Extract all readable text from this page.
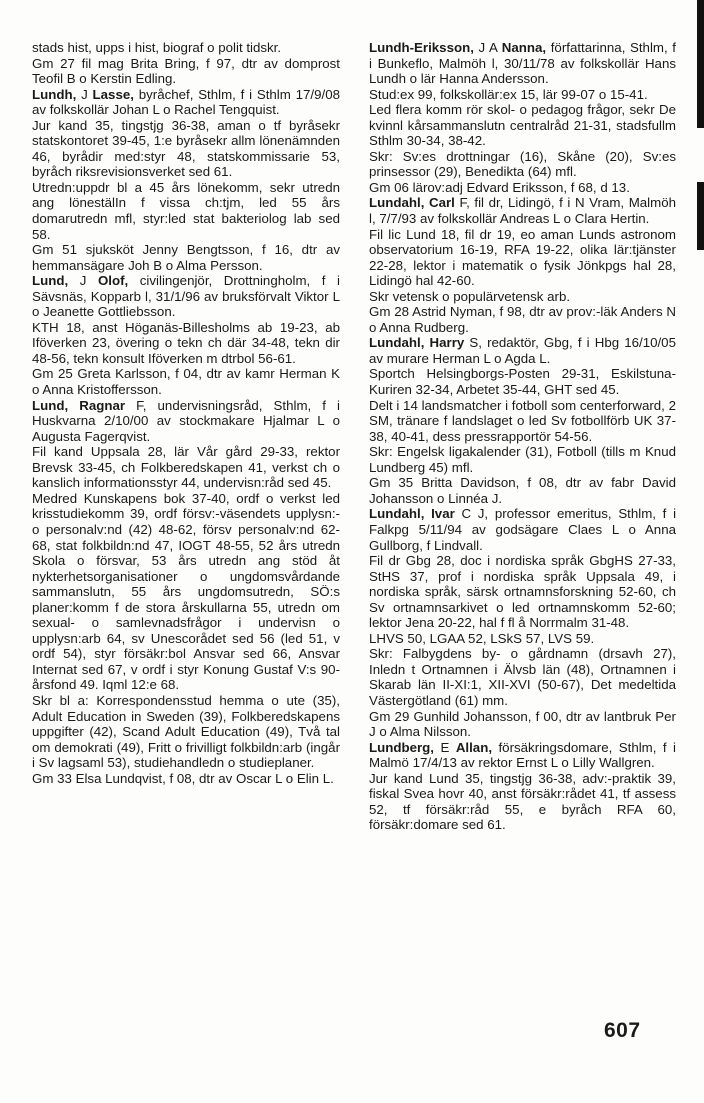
stads hist, upps i hist, biograf o polit tidskr.

Gm 27 fil mag Brita Bring, f 97, dtr av domprost Teofil B o Kerstin Edling.

Lundh, J Lasse, byråchef, Sthlm, f i Sthlm 17/9/08 av folkskollär Johan L o Rachel Tengquist.

Jur kand 35, tingstjg 36-38, aman o tf byråsekr statskontoret 39-45, 1:e byråsekr allm lönenämnden 46, byrådir med:styr 48, statskommissarie 53, byråch riksrevisionsverket sed 61.

Utredn:uppdr bl a 45 års lönekomm, sekr utredn ang lönestälIn f vissa ch:tjm, led 55 års domarutredn mfl, styr:led stat bakteriolog lab sed 58.

Gm 51 sjuksköt Jenny Bengtsson, f 16, dtr av hemmansägare Joh B o Alma Persson.

Lund, J Olof, civilingenjör, Drottningholm, f i Sävsnäs, Kopparb l, 31/1/96 av bruksförvalt Viktor L o Jeanette Gottliebsson.

KTH 18, anst Höganäs-Billesholms ab 19-23, ab Iföverken 23, övering o tekn ch där 34-48, tekn dir 48-56, tekn konsult Iföverken m dtrbol 56-61.

Gm 25 Greta Karlsson, f 04, dtr av kamr Herman K o Anna Kristoffersson.

Lund, Ragnar F, undervisningsråd, Sthlm, f i Huskvarna 2/10/00 av stockmakare Hjalmar L o Augusta Fagerqvist.

Fil kand Uppsala 28, lär Vår gård 29-33, rektor Brevsk 33-45, ch Folkberedskapen 41, verkst ch o kanslich informationsstyr 44, undervisn:råd sed 45.

Medred Kunskapens bok 37-40, ordf o verkst led krisstudiekomm 39, ordf försv:-väsendets upplysn:- o personalv:nd (42) 48-62, försv personalv:nd 62-68, stat folkbildn:nd 47, IOGT 48-55, 52 års utredn Skola o försvar, 53 års utredn ang stöd åt nykterhetsorganisationer o ungdomsvårdande sammanslutn, 55 års ungdomsutredn, SÖ:s planer:komm f de stora årskullarna 55, utredn om sexual- o samlevnadsfrågor i undervisn o upplysn:arb 64, sv Unescorådet sed 56 (led 51, v ordf 54), styr försäkr:bol Ansvar sed 66, Ansvar Internat sed 67, v ordf i styr Konung Gustaf V:s 90-årsfond 49. Iqml 12:e 68.

Skr bl a: Korrespondensstud hemma o ute (35), Adult Education in Sweden (39), Folkberedskapens uppgifter (42), Scand Adult Education (49), Två tal om demokrati (49), Fritt o frivilligt folkbildn:arb (ingår i Sv lagsaml 53), studiehandledn o studieplaner.

Gm 33 Elsa Lundqvist, f 08, dtr av Oscar L o Elin L.

Lundh-Eriksson, J A Nanna, författarinna, Sthlm, f i Bunkeflo, Malmöh l, 30/11/78 av folkskollär Hans Lundh o lär Hanna Andersson.

Stud:ex 99, folkskollär:ex 15, lär 99-07 o 15-41.

Led flera komm rör skol- o pedagog frågor, sekr De kvinnl kårsammanslutn centralråd 21-31, stadsfullm Sthlm 30-34, 38-42.

Skr: Sv:es drottningar (16), Skåne (20), Sv:es prinsessor (29), Benedikta (64) mfl.

Gm 06 lärov:adj Edvard Eriksson, f 68, d 13.

Lundahl, Carl F, fil dr, Lidingö, f i N Vram, Malmöh l, 7/7/93 av folkskollär Andreas L o Clara Hertin.

Fil lic Lund 18, fil dr 19, eo aman Lunds astronom observatorium 16-19, RFA 19-22, olika lär:tjänster 22-28, lektor i matematik o fysik Jönkpgs hal 28, Lidingö hal 42-60.

Skr vetensk o populärvetensk arb.

Gm 28 Astrid Nyman, f 98, dtr av prov:-läk Anders N o Anna Rudberg.

Lundahl, Harry S, redaktör, Gbg, f i Hbg 16/10/05 av murare Herman L o Agda L.

Sportch Helsingborgs-Posten 29-31, Eskilstuna-Kuriren 32-34, Arbetet 35-44, GHT sed 45.

Delt i 14 landsmatcher i fotboll som centerforward, 2 SM, tränare f landslaget o led Sv fotbollförb UK 37-38, 40-41, dess pressrapportör 54-56.

Skr: Engelsk ligakalender (31), Fotboll (tills m Knud Lundberg 45) mfl.

Gm 35 Britta Davidson, f 08, dtr av fabr David Johansson o Linnéa J.

Lundahl, Ivar C J, professor emeritus, Sthlm, f i Falkpg 5/11/94 av godsägare Claes L o Anna Gullborg, f Lindvall.

Fil dr Gbg 28, doc i nordiska språk GbgHS 27-33, StHS 37, prof i nordiska språk Uppsala 49, i nordiska språk, särsk ortnamnsforskning 52-60, ch Sv ortnamnsarkivet o led ortnamnskomm 52-60; lektor Jena 20-22, hal f fl å Norrmalm 31-48.

LHVS 50, LGAA 52, LSkS 57, LVS 59.

Skr: Falbygdens by- o gårdnamn (drsavh 27), Inledn t Ortnamnen i Älvsb län (48), Ortnamnen i Skarab län II-XI:1, XII-XVI (50-67), Det medeltida Västergötland (61) mm.

Gm 29 Gunhild Johansson, f 00, dtr av lantbruk Per J o Alma Nilsson.

Lundberg, E Allan, försäkringsdomare, Sthlm, f i Malmö 17/4/13 av rektor Ernst L o Lilly Wallgren.

Jur kand Lund 35, tingstjg 36-38, adv:-praktik 39, fiskal Svea hovr 40, anst försäkr:rådet 41, tf assess 52, tf försäkr:råd 55, e byråch RFA 60, försäkr:domare sed 61.

607
